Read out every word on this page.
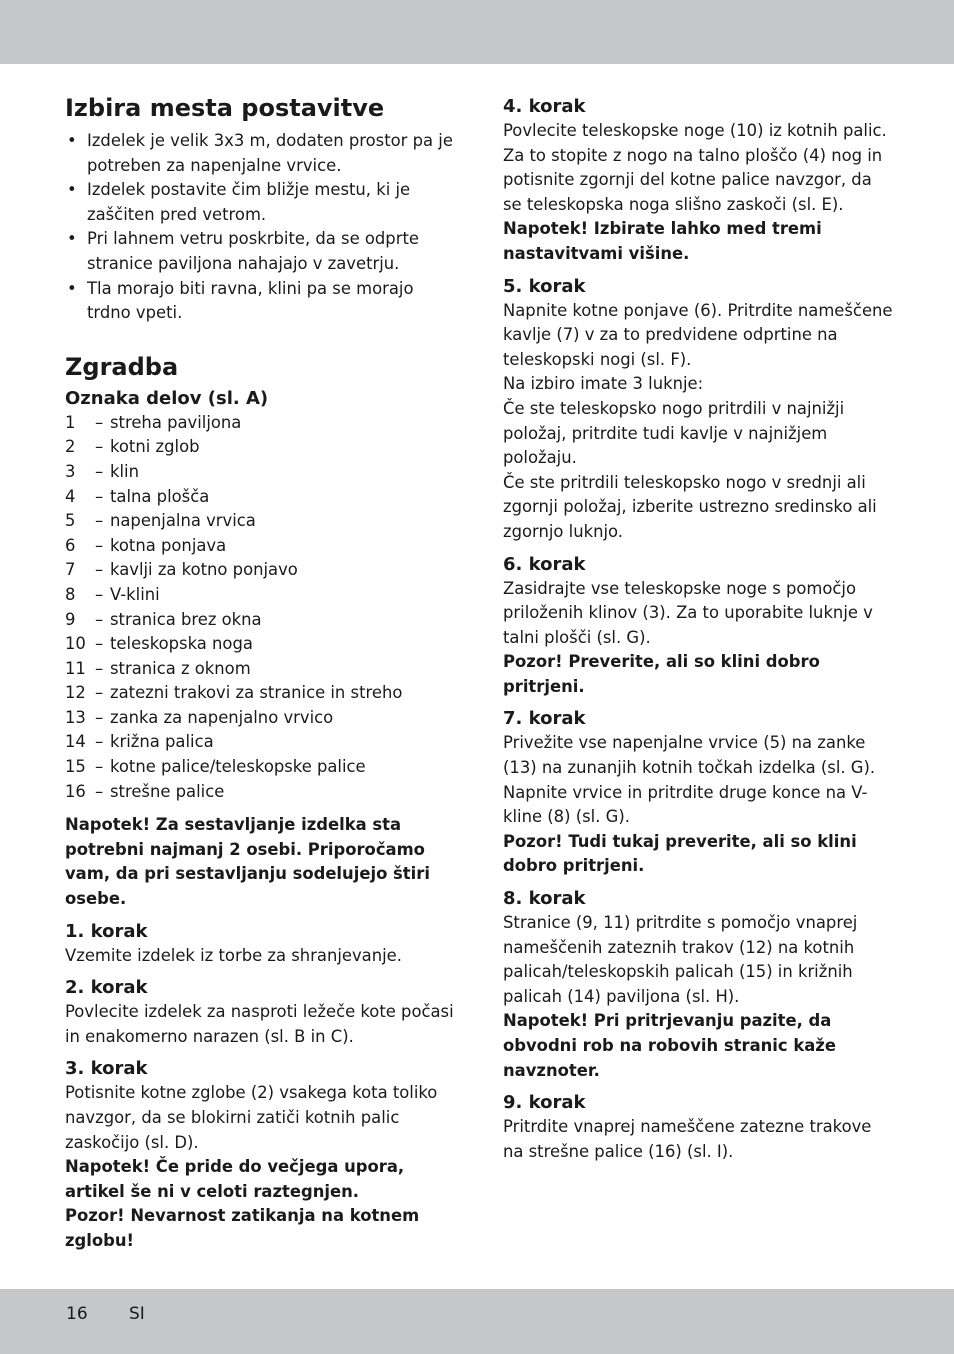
Izbira mesta postavitve
• Izdelek je velik 3x3 m, dodaten prostor pa je potreben za napenjalne vrvice.
• Izdelek postavite čim bližje mestu, ki je zaščiten pred vetrom.
• Pri lahnem vetru poskrbite, da se odprte stranice paviljona nahajajo v zavetrju.
• Tla morajo biti ravna, klini pa se morajo trdno vpeti.
Zgradba
Oznaka delov (sl. A)
1	– streha paviljona
2	– kotni zglob
3	– klin
4	– talna plošča
5	– napenjalna vrvica
6	– kotna ponjava
7	– kavlji za kotno ponjavo
8	– V-klini
9	– stranica brez okna
10 – teleskopska noga
11 – stranica z oknom
12 – zatezni trakovi za stranice in streho
13 – zanka za napenjalno vrvico
14 – križna palica
15 – kotne palice/teleskopske palice
16 – strešne palice

Napotek! Za sestavljanje izdelka sta potrebni najmanj 2 osebi. Priporočamo vam, da pri sestavljanju sodelujejo štiri osebe.

1. korak

Vzemite izdelek iz torbe za shranjevanje.

2. korak

Povlecite izdelek za nasproti ležeče kote počasi in enakomerno narazen (sl. B in C).

3. korak

Potisnite kotne zglobe (2) vsakega kota toliko navzgor, da se blokirni zatiči kotnih palic zaskočijo (sl. D).

Napotek! Če pride do večjega upora, artikel še ni v celoti raztegnjen.

Pozor! Nevarnost zatikanja na kotnem zglobu!

4. korak

Povlecite teleskopske noge (10) iz kotnih palic. Za to stopite z nogo na talno ploščo (4) nog in potisnite zgornji del kotne palice navzgor, da se teleskopska noga slišno zaskoči (sl. E).

Napotek! Izbirate lahko med tremi nastavitvami višine.

5. korak

Napnite kotne ponjave (6). Pritrdite nameščene kavlje (7) v za to predvidene odprtine na teleskopski nogi (sl. F).

Na izbiro imate 3 luknje:

Če ste teleskopsko nogo pritrdili v najnižji položaj, pritrdite tudi kavlje v najnižjem položaju.

Če ste pritrdili teleskopsko nogo v srednji ali zgornji položaj, izberite ustrezno sredinsko ali zgornjo luknjo.

6. korak

Zasidrajte vse teleskopske noge s pomočjo priloženih klinov (3). Za to uporabite luknje v talni plošči (sl. G).

Pozor! Preverite, ali so klini dobro pritrjeni.

7. korak

Privežite vse napenjalne vrvice (5) na zanke (13) na zunanjih kotnih točkah izdelka (sl. G). Napnite vrvice in pritrdite druge konce na V-kline (8) (sl. G).

Pozor! Tudi tukaj preverite, ali so klini dobro pritrjeni.

8. korak

Stranice (9, 11) pritrdite s pomočjo vnaprej nameščenih zateznih trakov (12) na kotnih palicah/teleskopskih palicah (15) in križnih palicah (14) paviljona (sl. H).

Napotek! Pri pritrjevanju pazite, da obvodni rob na robovih stranic kaže navznoter.

9. korak

Pritrdite vnaprej nameščene zatezne trakove na strešne palice (16) (sl. I).

16 SI
